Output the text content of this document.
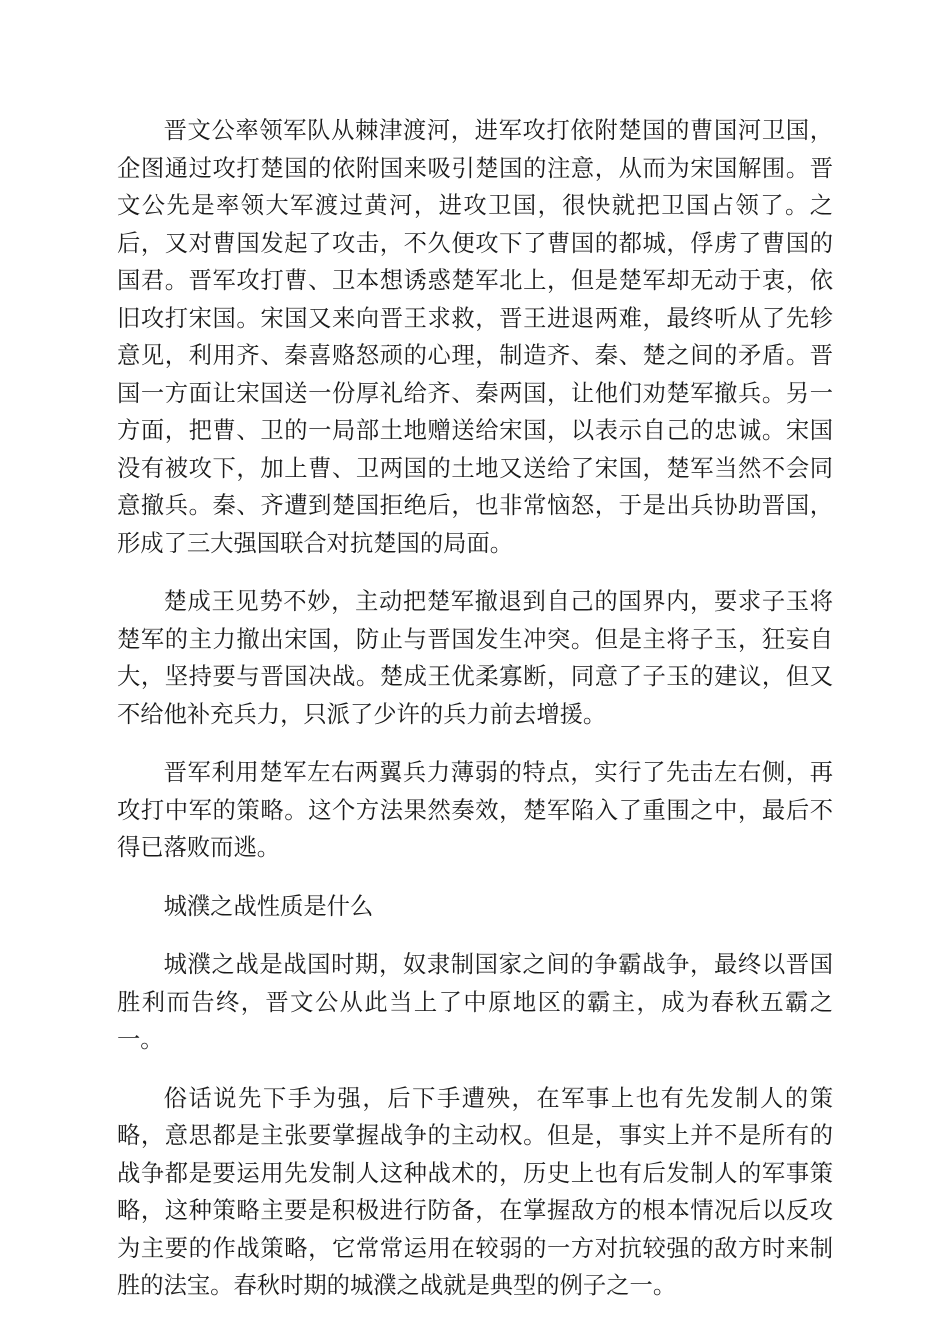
晋文公率领军队从棘津渡河，进军攻打依附楚国的曹国河卫国，企图通过攻打楚国的依附国来吸引楚国的注意，从而为宋国解围。晋文公先是率领大军渡过黄河，进攻卫国，很快就把卫国占领了。之后，又对曹国发起了攻击，不久便攻下了曹国的都城，俘虏了曹国的国君。晋军攻打曹、卫本想诱惑楚军北上，但是楚军却无动于衷，依旧攻打宋国。宋国又来向晋王求救，晋王进退两难，最终听从了先轸意见，利用齐、秦喜赂怒顽的心理，制造齐、秦、楚之间的矛盾。晋国一方面让宋国送一份厚礼给齐、秦两国，让他们劝楚军撤兵。另一方面，把曹、卫的一局部土地赠送给宋国，以表示自己的忠诚。宋国没有被攻下，加上曹、卫两国的土地又送给了宋国，楚军当然不会同意撤兵。秦、齐遭到楚国拒绝后，也非常恼怒，于是出兵协助晋国，形成了三大强国联合对抗楚国的局面。

楚成王见势不妙，主动把楚军撤退到自己的国界内，要求子玉将楚军的主力撤出宋国，防止与晋国发生冲突。但是主将子玉，狂妄自大，坚持要与晋国决战。楚成王优柔寡断，同意了子玉的建议，但又不给他补充兵力，只派了少许的兵力前去增援。

晋军利用楚军左右两翼兵力薄弱的特点，实行了先击左右侧，再攻打中军的策略。这个方法果然奏效，楚军陷入了重围之中，最后不得已落败而逃。

城濮之战性质是什么

城濮之战是战国时期，奴隶制国家之间的争霸战争，最终以晋国胜利而告终，晋文公从此当上了中原地区的霸主，成为春秋五霸之一。

俗话说先下手为强，后下手遭殃，在军事上也有先发制人的策略，意思都是主张要掌握战争的主动权。但是，事实上并不是所有的战争都是要运用先发制人这种战术的，历史上也有后发制人的军事策略，这种策略主要是积极进行防备，在掌握敌方的根本情况后以反攻为主要的作战策略，它常常运用在较弱的一方对抗较强的敌方时来制胜的法宝。春秋时期的城濮之战就是典型的例子之一。
